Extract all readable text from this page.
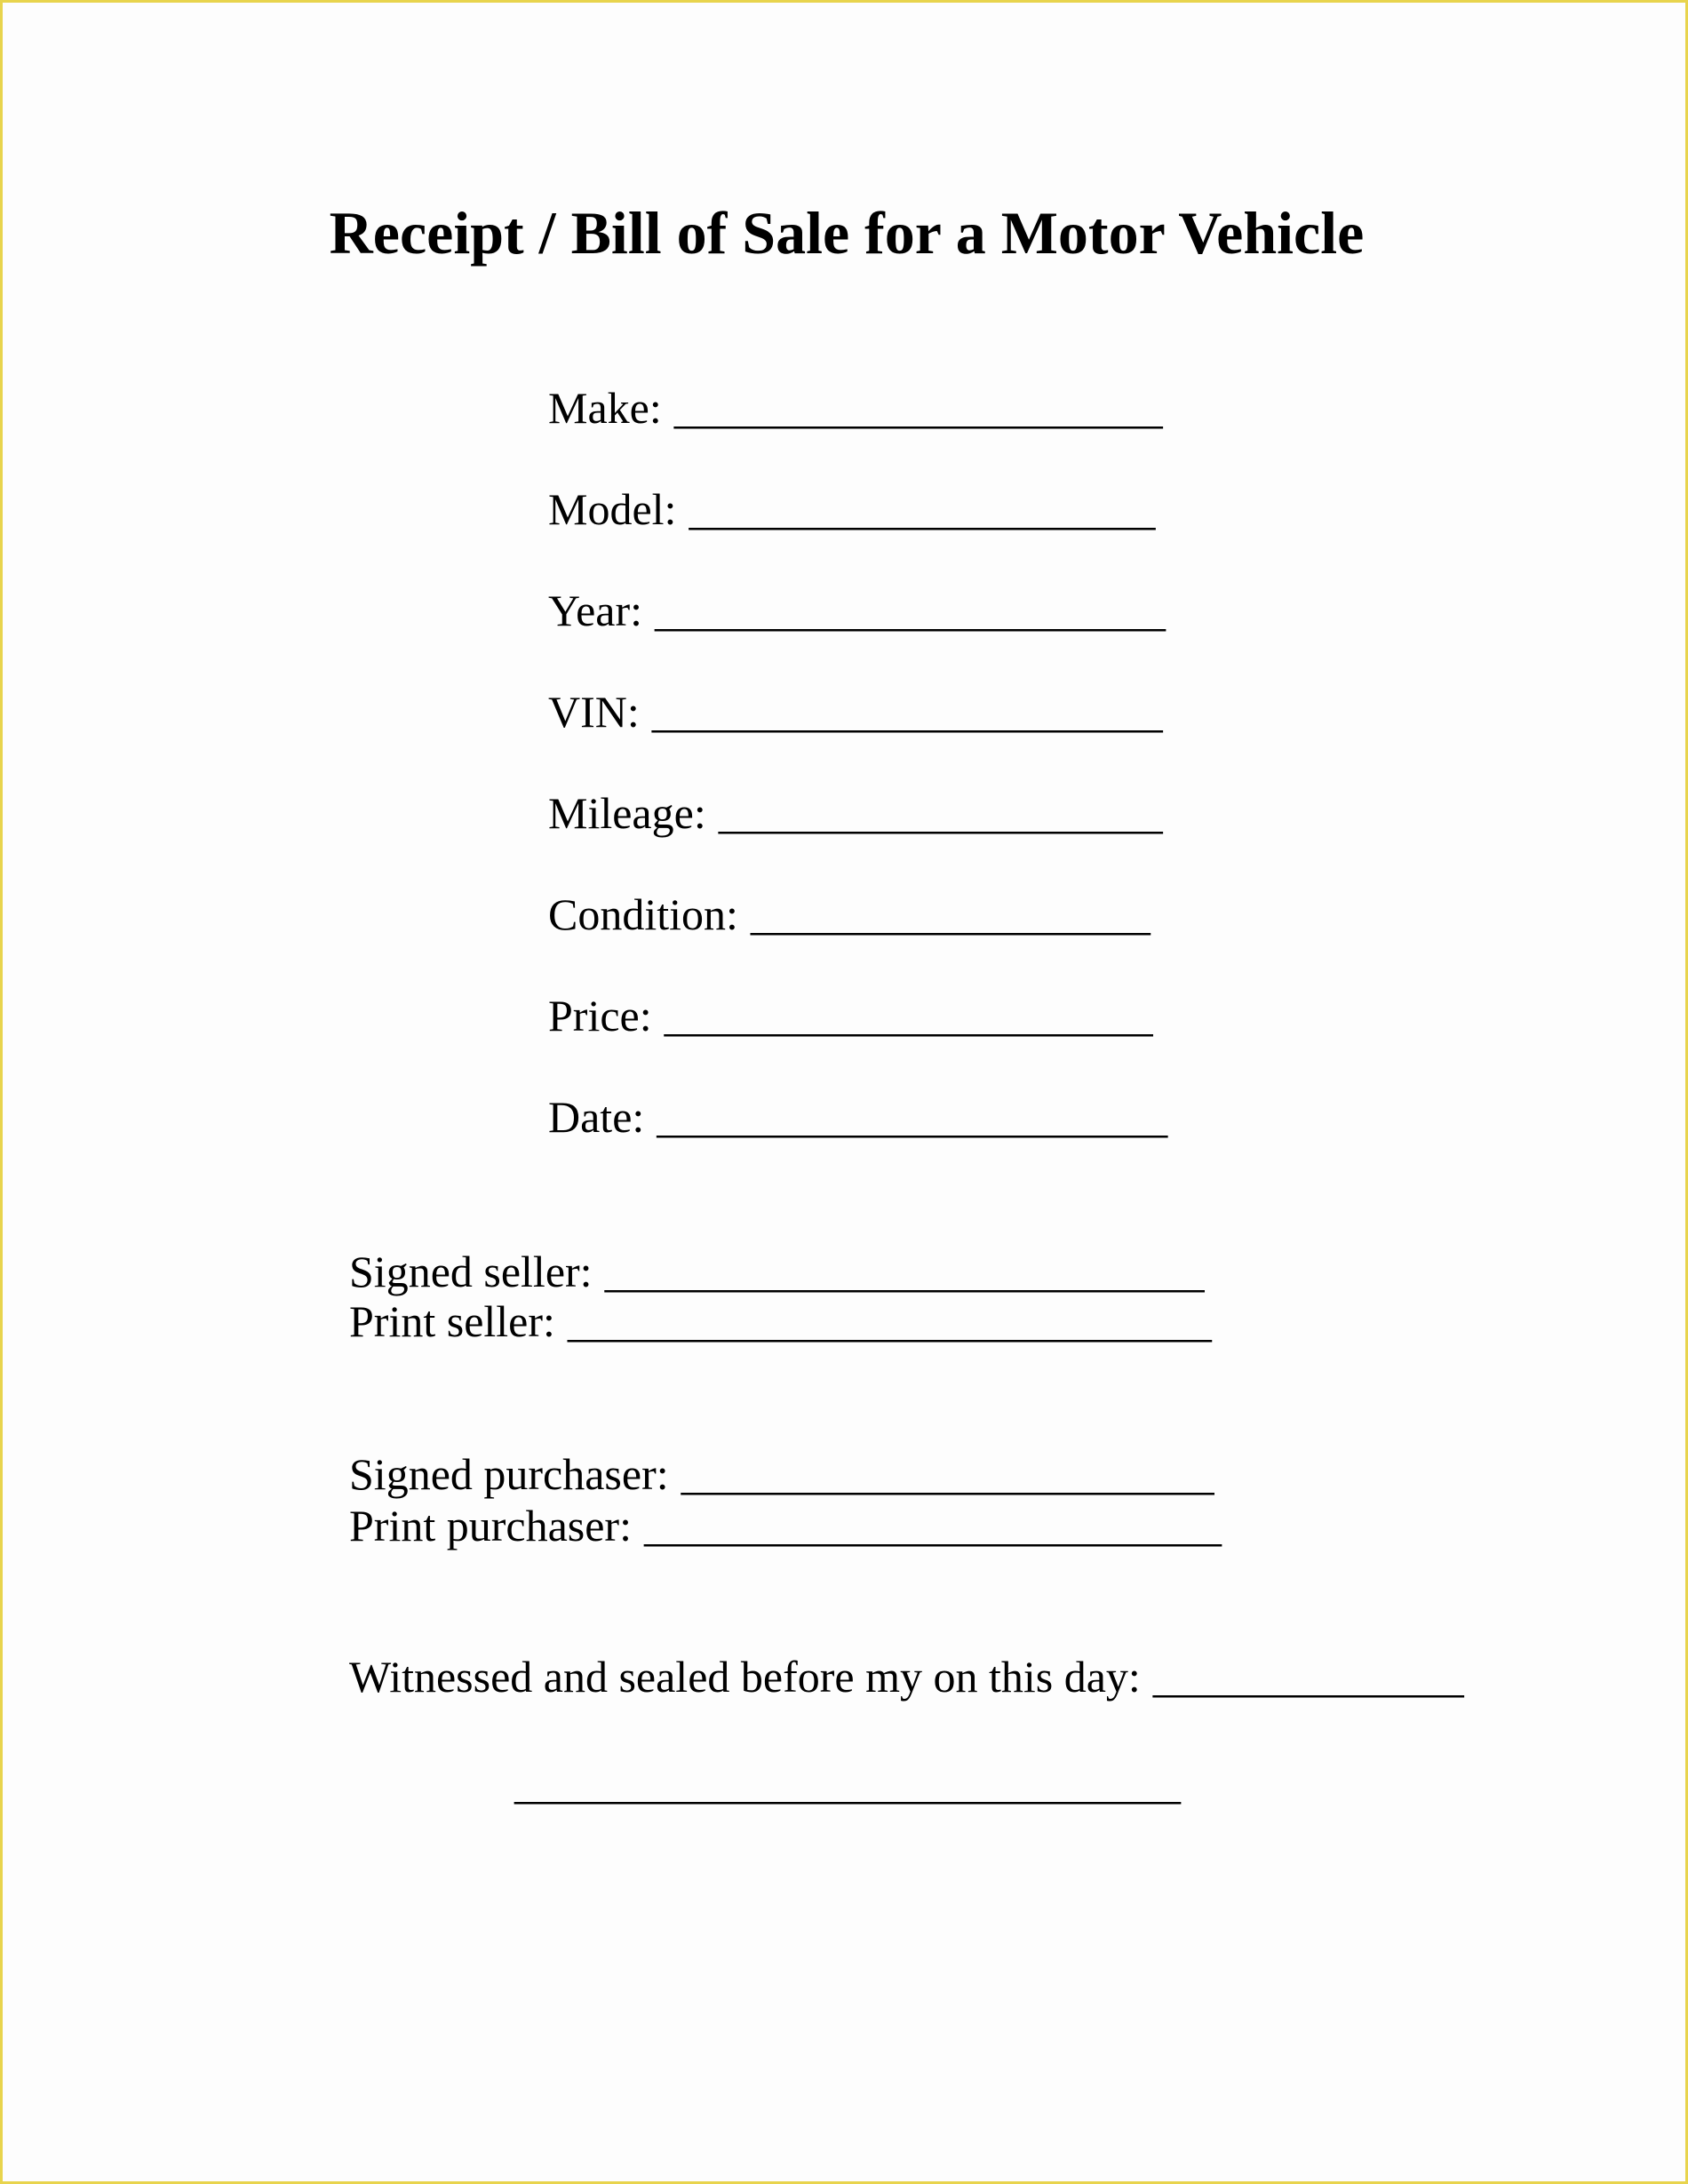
Receipt / Bill of Sale for a Motor Vehicle
Make: ______________________
Model: _____________________
Year: _______________________
VIN: _______________________
Mileage: ____________________
Condition: __________________
Price: ______________________
Date: _______________________
Signed seller: ___________________________
Print seller: _____________________________
Signed purchaser: ________________________
Print purchaser: __________________________
Witnessed and sealed before my on this day: ______________
______________________________
